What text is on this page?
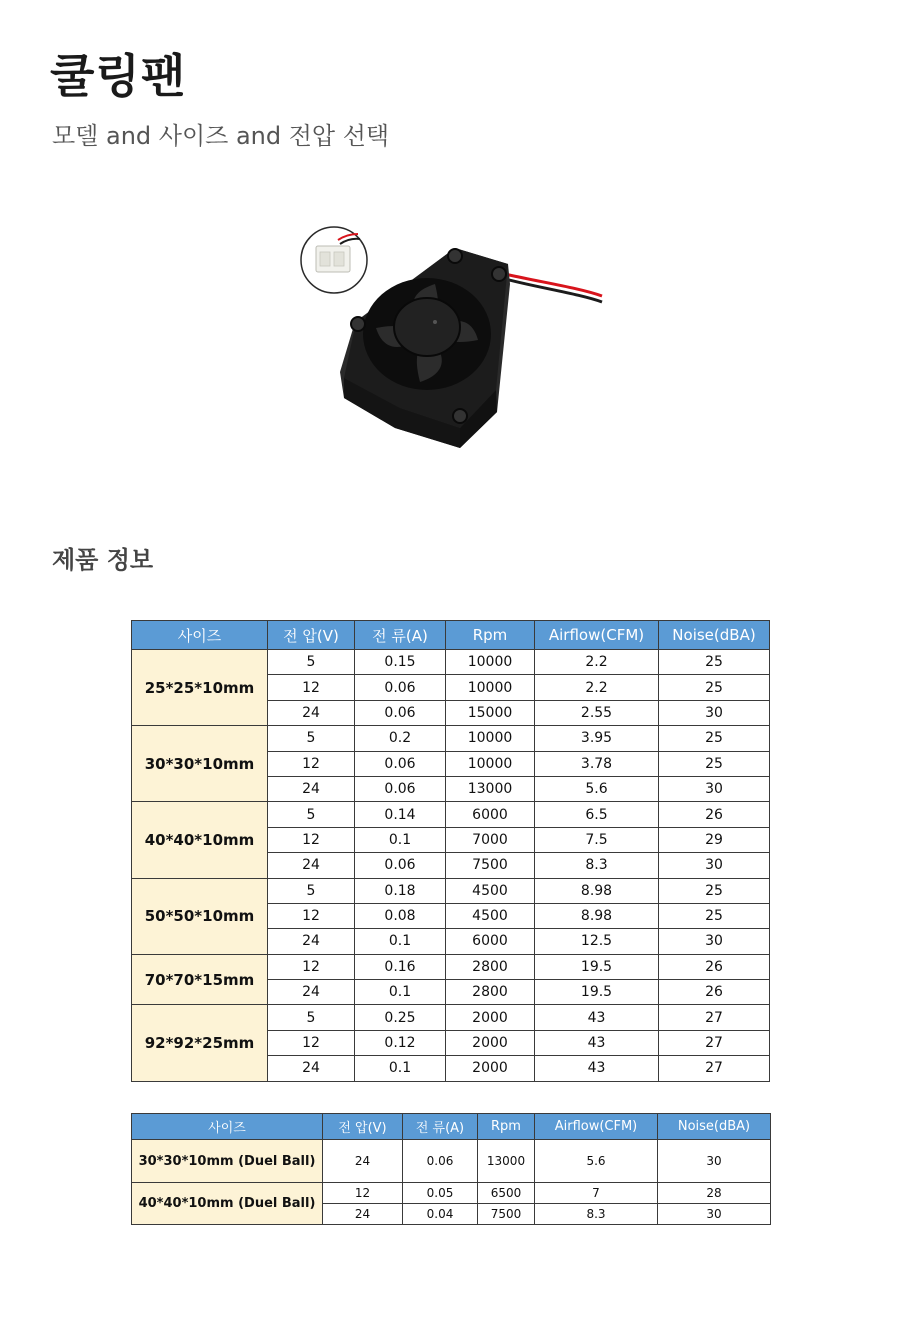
쿨링팬

모델 and 사이즈 and 전압 선택

제품 정보
사이즈	전 압(V)	전 류(A)	Rpm	Airflow(CFM)	Noise(dBA)
25*25*10mm	5	0.15	10000	2.2	25
	12	0.06	10000	2.2	25
	24	0.06	15000	2.55	30
30*30*10mm	5	0.2	10000	3.95	25
	12	0.06	10000	3.78	25
	24	0.06	13000	5.6	30
40*40*10mm	5	0.14	6000	6.5	26
	12	0.1	7000	7.5	29
	24	0.06	7500	8.3	30
50*50*10mm	5	0.18	4500	8.98	25
	12	0.08	4500	8.98	25
	24	0.1	6000	12.5	30
70*70*15mm	12	0.16	2800	19.5	26
	24	0.1	2800	19.5	26
92*92*25mm	5	0.25	2000	43	27
	12	0.12	2000	43	27
	24	0.1	2000	43	27
사이즈	전 압(V)	전 류(A)	Rpm	Airflow(CFM)	Noise(dBA)
30*30*10mm (Duel Ball)	24	0.06	13000	5.6	30
40*40*10mm (Duel Ball)	12	0.05	6500	7	28
	24	0.04	7500	8.3	30
